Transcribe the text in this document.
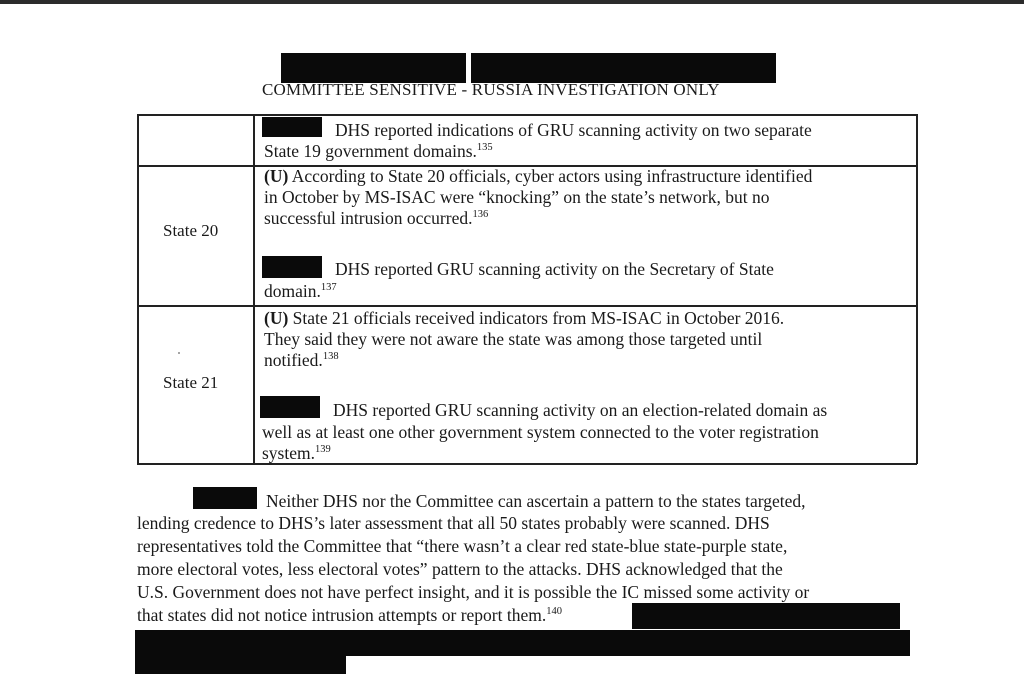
COMMITTEE SENSITIVE - RUSSIA INVESTIGATION ONLY
DHS reported indications of GRU scanning activity on two separate
State 19 government domains.$^{135}$
State 20
(U) According to State 20 officials, cyber actors using infrastructure identified
in October by MS-ISAC were “knocking” on the state’s network, but no
successful intrusion occurred.$^{136}$
DHS reported GRU scanning activity on the Secretary of State
domain.$^{137}$
State 21
(U) State 21 officials received indicators from MS-ISAC in October 2016.
They said they were not aware the state was among those targeted until
notified.$^{138}$
DHS reported GRU scanning activity on an election-related domain as
well as at least one other government system connected to the voter registration
system.$^{139}$
Neither DHS nor the Committee can ascertain a pattern to the states targeted,
lending credence to DHS’s later assessment that all 50 states probably were scanned. DHS
representatives told the Committee that “there wasn’t a clear red state-blue state-purple state,
more electoral votes, less electoral votes” pattern to the attacks. DHS acknowledged that the
U.S. Government does not have perfect insight, and it is possible the IC missed some activity or
that states did not notice intrusion attempts or report them.$^{140}$
